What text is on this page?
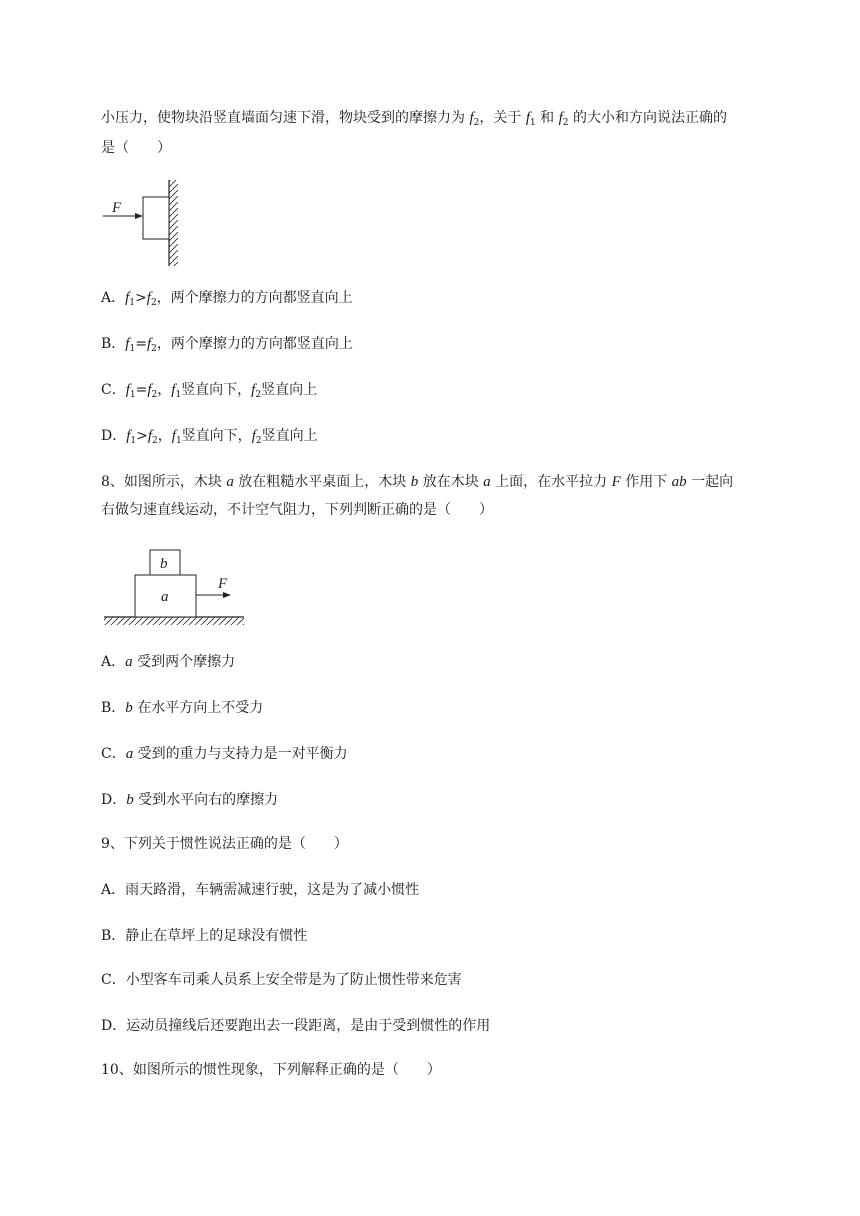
小压力，使物块沿竖直墙面匀速下滑，物块受到的摩擦力为 $f_2$，关于 $f_1$ 和 $f_2$ 的大小和方向说法正确的
是（　　）
F
A．$f_1>f_2$，两个摩擦力的方向都竖直向上
B．$f_1=f_2$，两个摩擦力的方向都竖直向上
C．$f_1=f_2$，$f_1$竖直向下，$f_2$竖直向上
D．$f_1>f_2$，$f_1$竖直向下，$f_2$竖直向上
8、如图所示，木块 a 放在粗糙水平桌面上，木块 b 放在木块 a 上面，在水平拉力 F 作用下 ab 一起向
右做匀速直线运动，不计空气阻力，下列判断正确的是（　　）
b
a
F
A．a 受到两个摩擦力
B．b 在水平方向上不受力
C．a 受到的重力与支持力是一对平衡力
D．b 受到水平向右的摩擦力
9、下列关于惯性说法正确的是（　　）
A．雨天路滑，车辆需减速行驶，这是为了减小惯性
B．静止在草坪上的足球没有惯性
C．小型客车司乘人员系上安全带是为了防止惯性带来危害
D．运动员撞线后还要跑出去一段距离，是由于受到惯性的作用
10、如图所示的惯性现象，下列解释正确的是（　　）
